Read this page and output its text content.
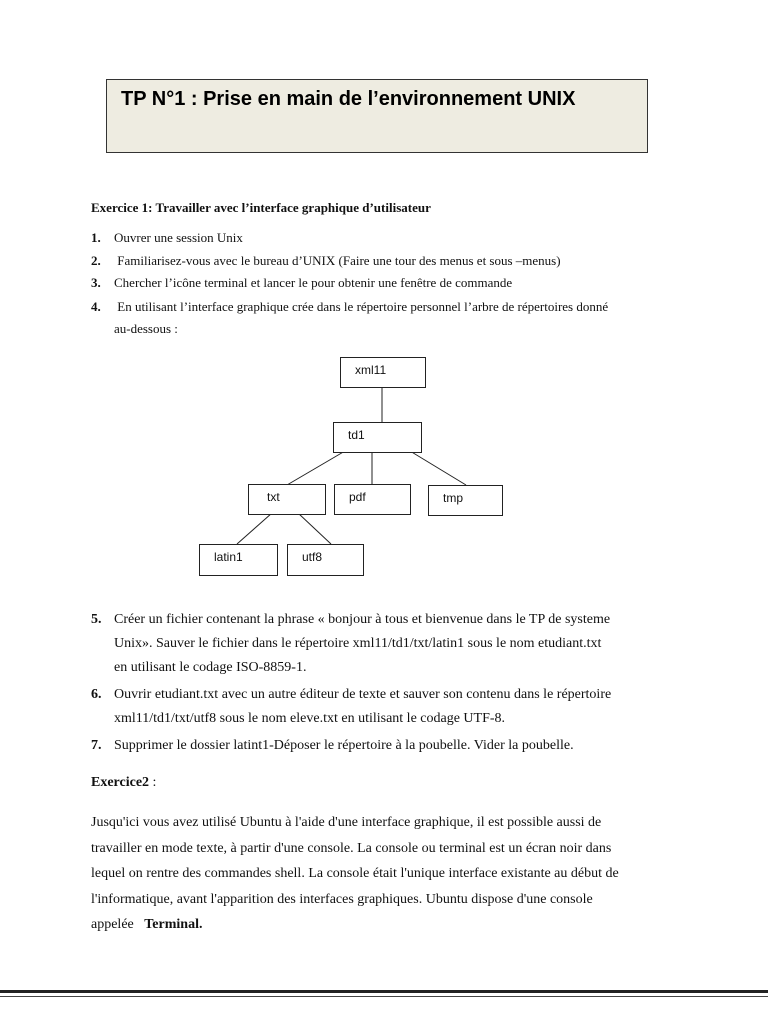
TP N°1 : Prise en main de l’environnement UNIX
Exercice 1: Travailler avec l’interface graphique d’utilisateur
1. Ouvrer une session Unix
2. Familiarisez-vous avec le bureau d’UNIX (Faire une tour des menus et sous –menus)
3. Chercher l’icône terminal et lancer le pour obtenir une fenêtre de commande
4. En utilisant l’interface graphique crée dans le répertoire personnel l’arbre de répertoires donné
au-dessous :
xml11
td1
txt	pdf	tmp
latin1	utf8
5. Créer un fichier contenant la phrase « bonjour à tous et bienvenue dans le TP de systeme
Unix». Sauver le fichier dans le répertoire xml11/td1/txt/latin1 sous le nom etudiant.txt
en utilisant le codage ISO-8859-1.
6. Ouvrir etudiant.txt avec un autre éditeur de texte et sauver son contenu dans le répertoire
xml11/td1/txt/utf8 sous le nom eleve.txt en utilisant le codage UTF-8.
7. Supprimer le dossier latint1-Déposer le répertoire à la poubelle. Vider la poubelle.
Exercice2 :
Jusqu'ici vous avez utilisé Ubuntu à l'aide d'une interface graphique, il est possible aussi de
travailler en mode texte, à partir d'une console. La console ou terminal est un écran noir dans
lequel on rentre des commandes shell. La console était l'unique interface existante au début de
l'informatique, avant l'apparition des interfaces graphiques. Ubuntu dispose d'une console
appelée   Terminal.
